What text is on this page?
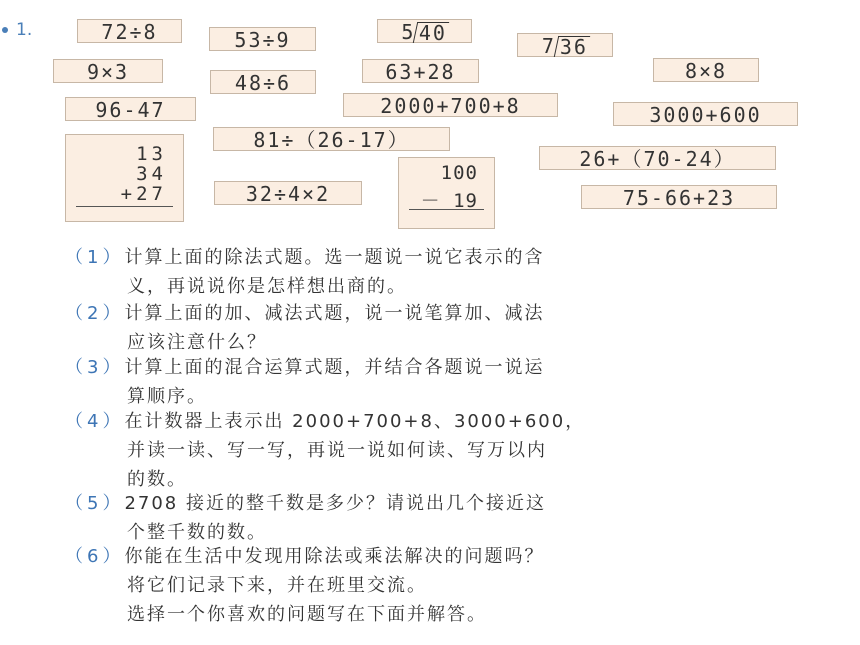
1.	72÷8	53÷9	5 40
7 36
9×3	48÷6	63+28	8×8
96-47	2000+700+8	3000+600
81÷（26-17）
26+（70-24）
32÷4×2	75-66+23
13
34
+27
100
－ 19
（1）计算上面的除法式题。选一题说一说它表示的含
义，再说说你是怎样想出商的。
（2）计算上面的加、减法式题，说一说笔算加、减法
应该注意什么？
（3）计算上面的混合运算式题，并结合各题说一说运
算顺序。
（4）在计数器上表示出 2000+700+8、3000+600，
并读一读、写一写，再说一说如何读、写万以内
的数。
（5）2708 接近的整千数是多少？请说出几个接近这
个整千数的数。
（6）你能在生活中发现用除法或乘法解决的问题吗？
将它们记录下来，并在班里交流。
选择一个你喜欢的问题写在下面并解答。
